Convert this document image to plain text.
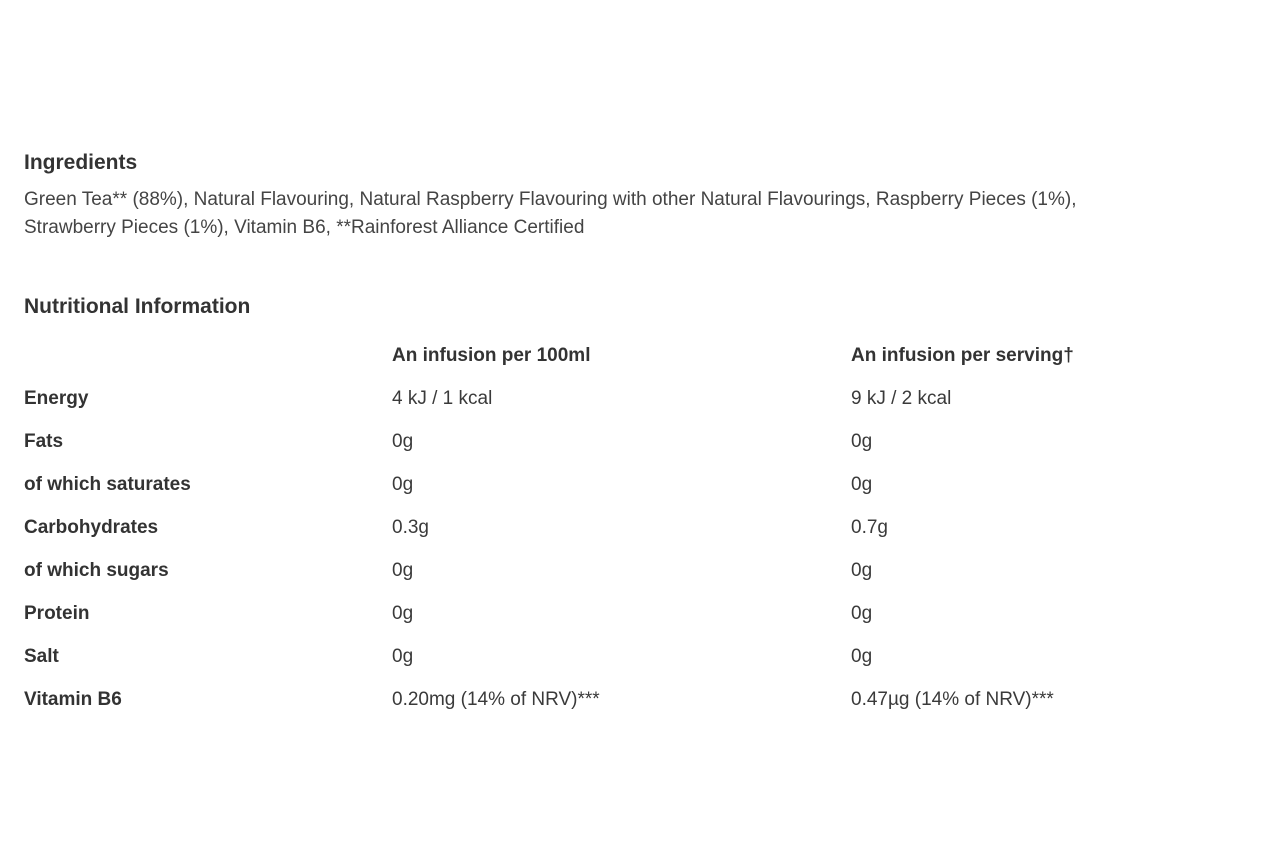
Ingredients

Green Tea** (88%), Natural Flavouring, Natural Raspberry Flavouring with other Natural Flavourings, Raspberry Pieces (1%),
Strawberry Pieces (1%), Vitamin B6, **Rainforest Alliance Certified

Nutritional Information
	An infusion per 100ml	An infusion per serving†
Energy	4 kJ / 1 kcal	9 kJ / 2 kcal
Fats	0g	0g
of which saturates	0g	0g
Carbohydrates	0.3g	0.7g
of which sugars	0g	0g
Protein	0g	0g
Salt	0g	0g
Vitamin B6	0.20mg (14% of NRV)***	0.47µg (14% of NRV)***
